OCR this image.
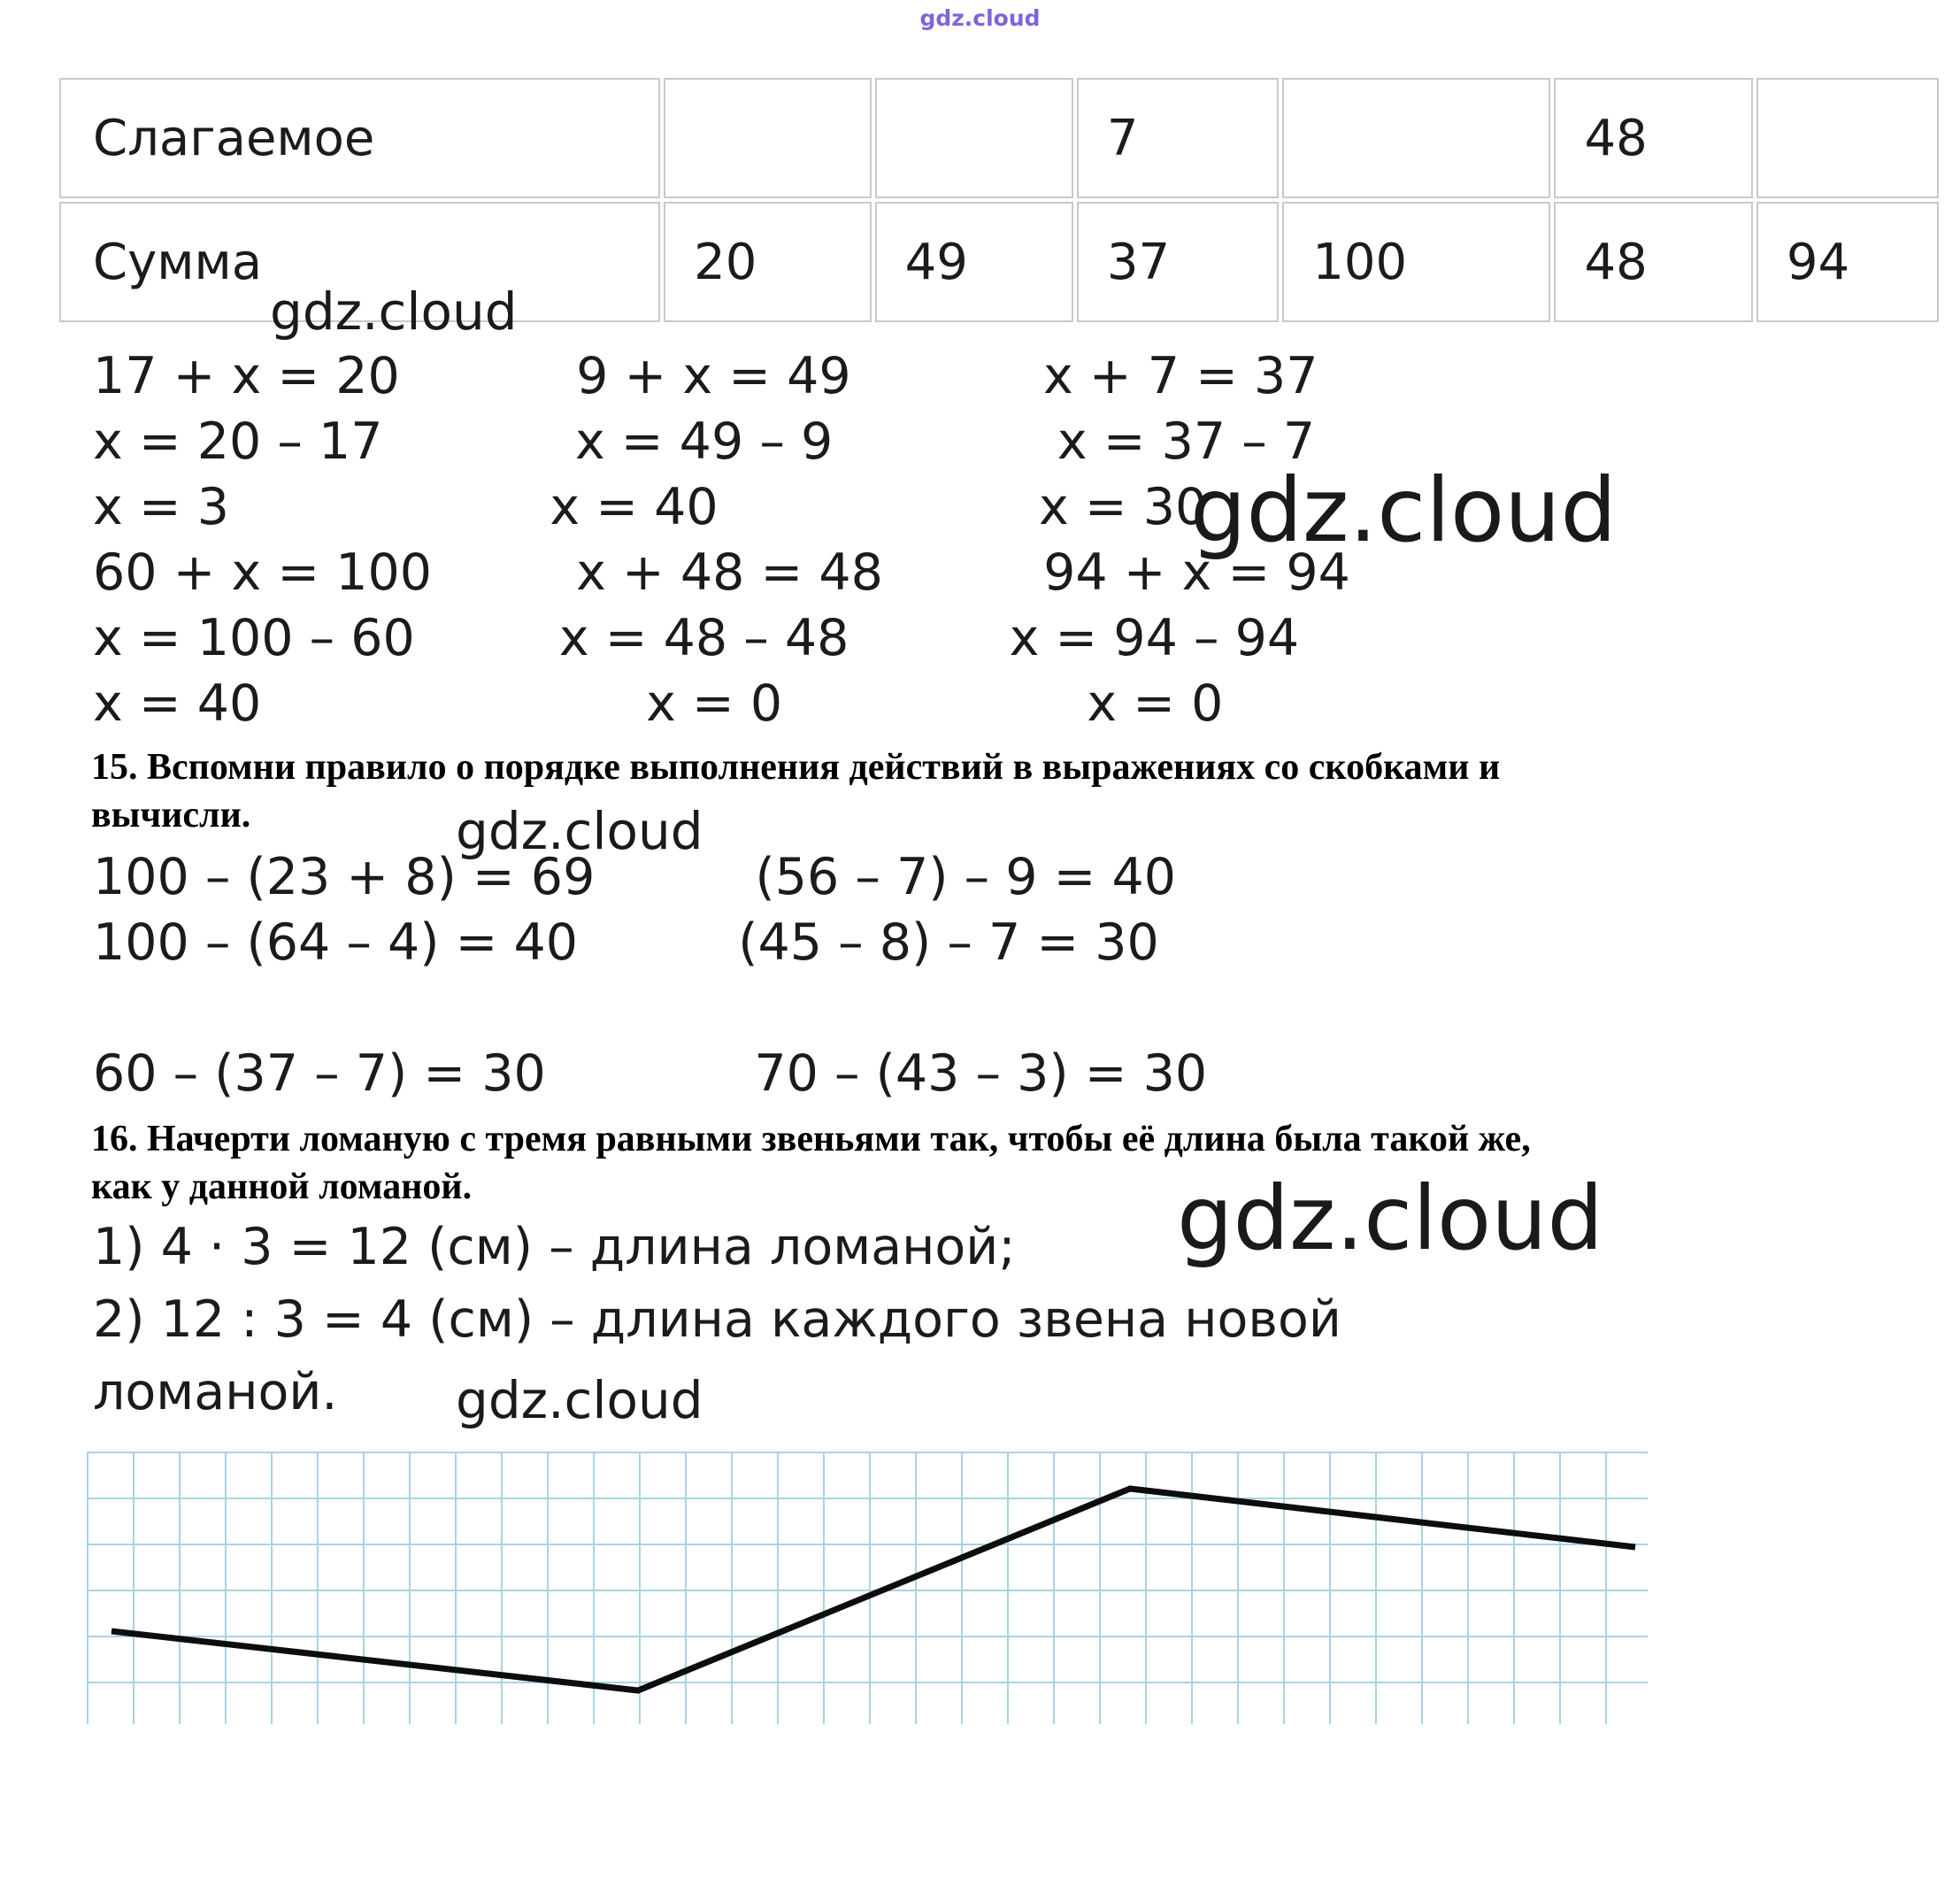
gdz.cloud
Слагаемое			7		48	
Сумма	20	49	37	100	48	94
17 + х = 20           9 + х = 49            х + 7 = 37
х = 20 – 17            х = 49 – 9              х = 37 – 7
х = 3                    х = 40                    х = 30
60 + х = 100         х + 48 = 48          94 + х = 94
х = 100 – 60         х = 48 – 48          х = 94 – 94
х = 40                        х = 0                   х = 0
15. Вспомни правило о порядке выполнения действий в выражениях со скобками и
вычисли.
100 – (23 + 8) = 69          (56 – 7) – 9 = 40
100 – (64 – 4) = 40          (45 – 8) – 7 = 30

60 – (37 – 7) = 30             70 – (43 – 3) = 30
16. Начерти ломаную с тремя равными звеньями так, чтобы её длина была такой же,
как у данной ломаной.
1) 4 · 3 = 12 (см) – длина ломаной;
2) 12 : 3 = 4 (см) – длина каждого звена новой
ломаной.
gdz.cloud
gdz.cloud
gdz.cloud
gdz.cloud
gdz.cloud
